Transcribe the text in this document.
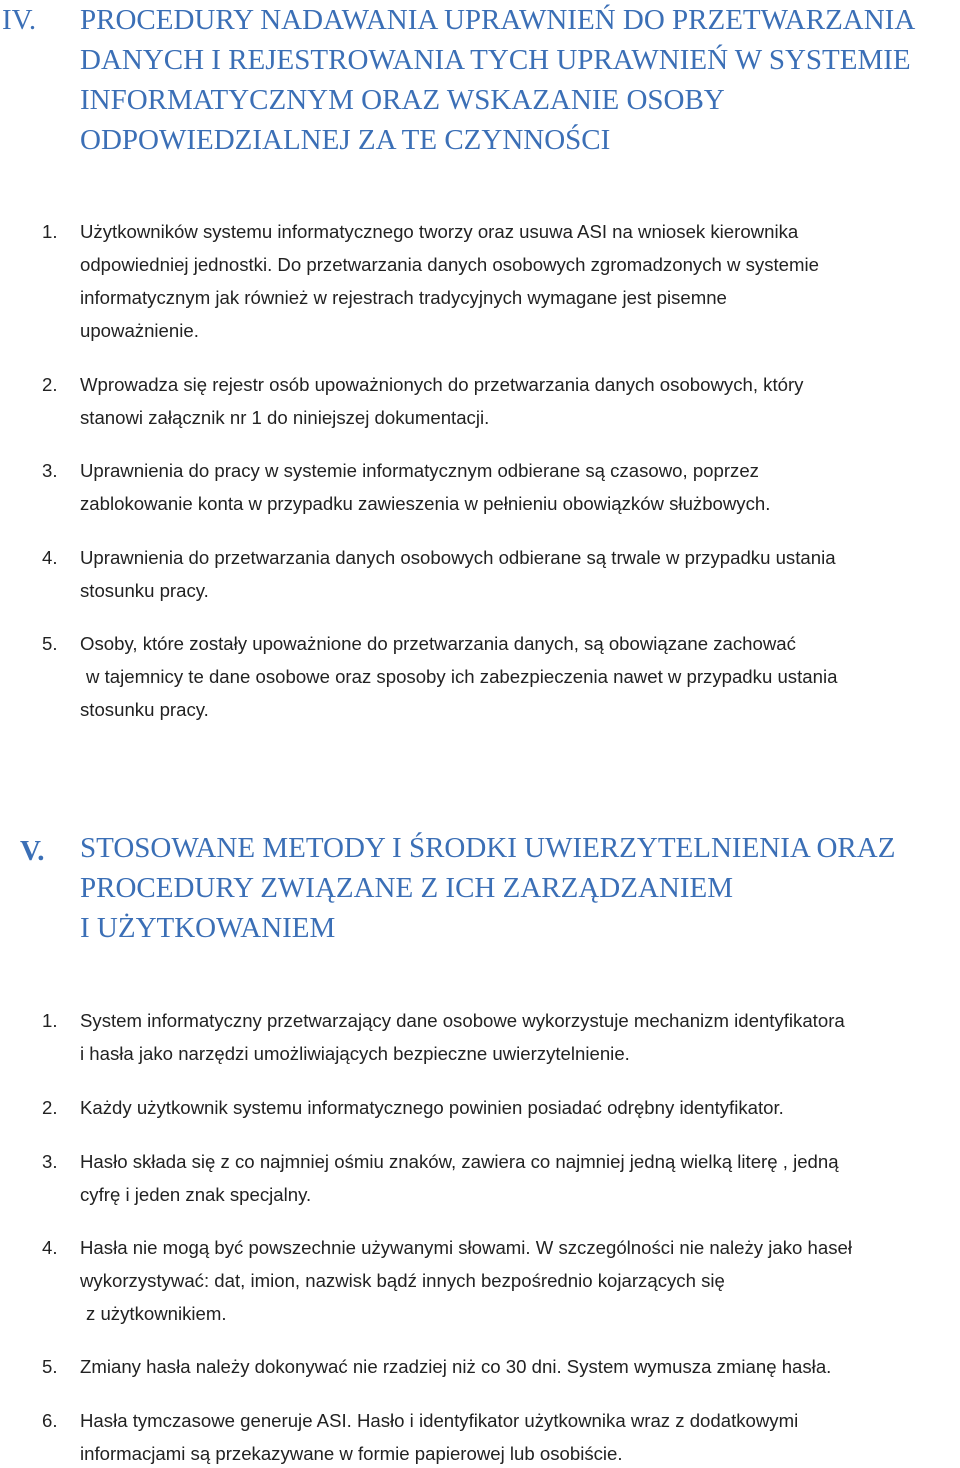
IV. PROCEDURY NADAWANIA UPRAWNIEŃ DO PRZETWARZANIA
DANYCH I REJESTROWANIA TYCH UPRAWNIEŃ W SYSTEMIE
INFORMATYCZNYM ORAZ WSKAZANIE OSOBY
ODPOWIEDZIALNEJ ZA TE CZYNNOŚCI
1. Użytkowników systemu informatycznego tworzy oraz usuwa ASI na wniosek kierownika
odpowiedniej jednostki. Do przetwarzania danych osobowych zgromadzonych w systemie
informatycznym jak również w rejestrach tradycyjnych wymagane jest pisemne
upoważnienie.
2. Wprowadza się rejestr osób upoważnionych do przetwarzania danych osobowych, który
stanowi załącznik nr 1 do niniejszej dokumentacji.
3. Uprawnienia do pracy w systemie informatycznym odbierane są czasowo, poprzez
zablokowanie konta w przypadku zawieszenia w pełnieniu obowiązków służbowych.
4. Uprawnienia do przetwarzania danych osobowych odbierane są trwale w przypadku ustania
stosunku pracy.
5. Osoby, które zostały upoważnione do przetwarzania danych, są obowiązane zachować
w tajemnicy te dane osobowe oraz sposoby ich zabezpieczenia nawet w przypadku ustania
stosunku pracy.
V. STOSOWANE METODY I ŚRODKI UWIERZYTELNIENIA ORAZ
PROCEDURY ZWIĄZANE Z ICH ZARZĄDZANIEM
I UŻYTKOWANIEM
1. System informatyczny przetwarzający dane osobowe wykorzystuje mechanizm identyfikatora
i hasła jako narzędzi umożliwiających bezpieczne uwierzytelnienie.
2. Każdy użytkownik systemu informatycznego powinien posiadać odrębny identyfikator.
3. Hasło składa się z co najmniej ośmiu znaków, zawiera co najmniej jedną wielką literę , jedną
cyfrę i jeden znak specjalny.
4. Hasła nie mogą być powszechnie używanymi słowami. W szczególności nie należy jako haseł
wykorzystywać: dat, imion, nazwisk bądź innych bezpośrednio kojarzących się
z użytkownikiem.
5. Zmiany hasła należy dokonywać nie rzadziej niż co 30 dni. System wymusza zmianę hasła.
6. Hasła tymczasowe generuje ASI. Hasło i identyfikator użytkownika wraz z dodatkowymi
informacjami są przekazywane w formie papierowej lub osobiście.
